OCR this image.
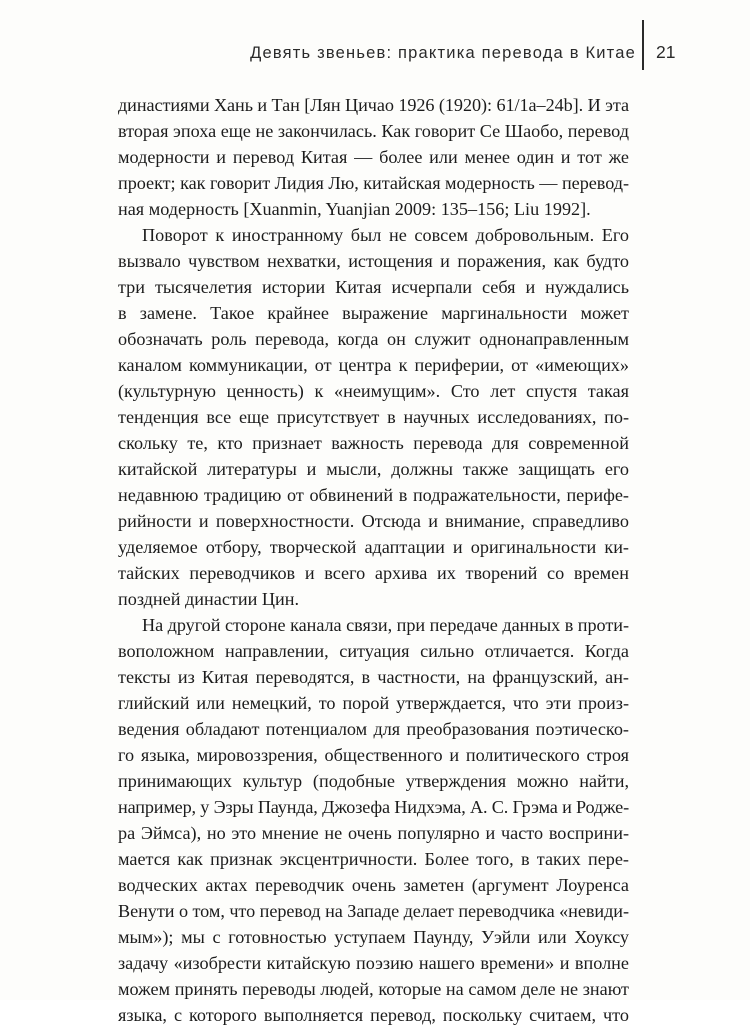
Девять звеньев: практика перевода в Китае 21
династиями Хань и Тан [Лян Цичао 1926 (1920): 61/1a–24b]. И эта
вторая эпоха еще не закончилась. Как говорит Се Шаобо, перевод
модерности и перевод Китая — более или менее один и тот же
проект; как говорит Лидия Лю, китайская модерность — перевод-
ная модерность [Xuanmin, Yuanjian 2009: 135–156; Liu 1992].
Поворот к иностранному был не совсем добровольным. Его
вызвало чувством нехватки, истощения и поражения, как будто
три тысячелетия истории Китая исчерпали себя и нуждались
в замене. Такое крайнее выражение маргинальности может
обозначать роль перевода, когда он служит однонаправленным
каналом коммуникации, от центра к периферии, от «имеющих»
(культурную ценность) к «неимущим». Сто лет спустя такая
тенденция все еще присутствует в научных исследованиях, по-
скольку те, кто признает важность перевода для современной
китайской литературы и мысли, должны также защищать его
недавнюю традицию от обвинений в подражательности, перифе-
рийности и поверхностности. Отсюда и внимание, справедливо
уделяемое отбору, творческой адаптации и оригинальности ки-
тайских переводчиков и всего архива их творений со времен
поздней династии Цин.
На другой стороне канала связи, при передаче данных в проти-
воположном направлении, ситуация сильно отличается. Когда
тексты из Китая переводятся, в частности, на французский, ан-
глийский или немецкий, то порой утверждается, что эти произ-
ведения обладают потенциалом для преобразования поэтическо-
го языка, мировоззрения, общественного и политического строя
принимающих культур (подобные утверждения можно найти,
например, у Эзры Паунда, Джозефа Нидхэма, А. С. Грэма и Родже-
ра Эймса), но это мнение не очень популярно и часто восприни-
мается как признак эксцентричности. Более того, в таких пере-
водческих актах переводчик очень заметен (аргумент Лоуренса
Венути о том, что перевод на Западе делает переводчика «невиди-
мым»); мы с готовностью уступаем Паунду, Уэйли или Хоуксу
задачу «изобрести китайскую поэзию нашего времени» и вполне
можем принять переводы людей, которые на самом деле не знают
языка, с которого выполняется перевод, поскольку считаем, что
